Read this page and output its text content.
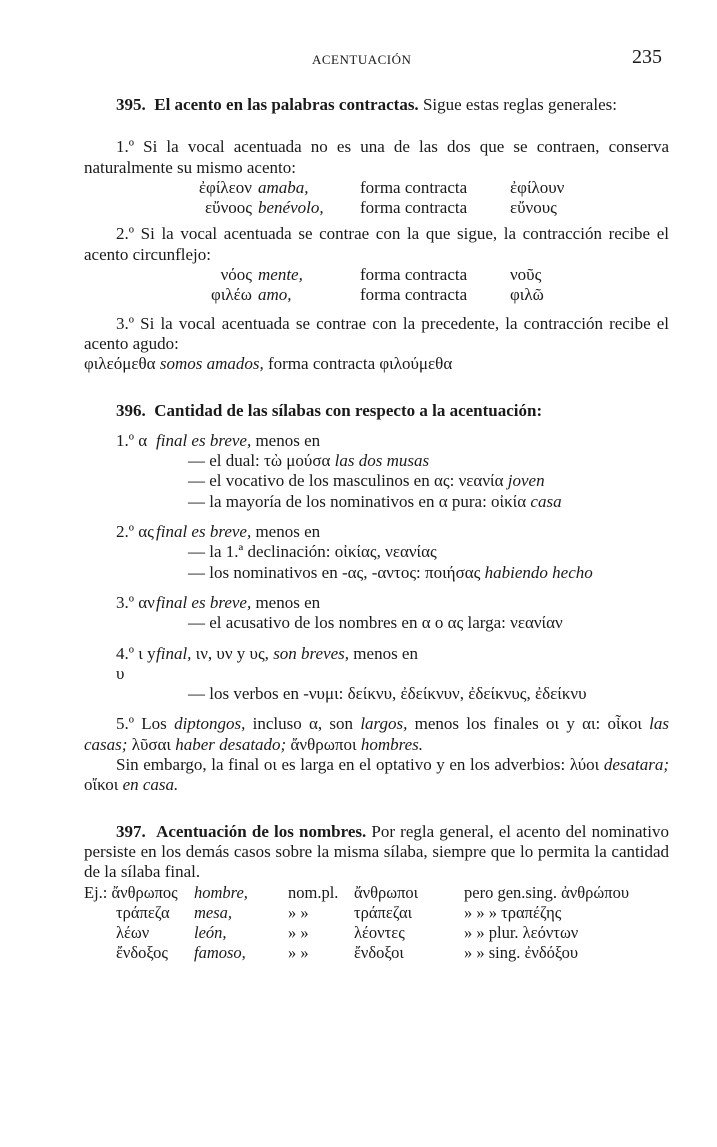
ACENTUACIÓN	235
395. El acento en las palabras contractas. Sigue estas reglas generales:
1.º Si la vocal acentuada no es una de las dos que se contraen, conserva naturalmente su mismo acento:
ἐφίλεον amaba,	forma contracta	ἐφίλουν
εὔνοος benévolo,	forma contracta	εὔνους
2.º Si la vocal acentuada se contrae con la que sigue, la contracción recibe el acento circunflejo:
νόος mente,	forma contracta	νοῦς
φιλέω amo,	forma contracta	φιλῶ
3.º Si la vocal acentuada se contrae con la precedente, la contracción recibe el acento agudo:
φιλεόμεθα
somos amados,
forma contracta
φιλούμεθα
396. Cantidad de las sílabas con respecto a la acentuación:
1.º α final es breve, menos en
— el dual: τὼ μούσα las dos musas
— el vocativo de los masculinos en ας: νεανία joven
— la mayoría de los nominativos en α pura: οἰκία casa
2.º ας final es breve, menos en
— la 1.ª declinación: οἰκίας, νεανίας
— los nominativos en -ας, -αντος: ποιήσας habiendo hecho
3.º αν final es breve, menos en
— el acusativo de los nombres en α o ας larga: νεανίαν
4.º ι y υ
final, ιν, υν y υς, son breves, menos en
— los verbos en -νυμι: δείκνυ, ἐδείκνυν, ἐδείκνυς, ἐδείκνυ
5.º Los diptongos, incluso α, son largos, menos los finales οι y αι: οἶκοι las casas; λῦσαι haber desatado; ἄνθρωποι hombres.
Sin embargo, la final οι es larga en el optativo y en los adverbios: λύοι desatara; οἴκοι en casa.
397. Acentuación de los nombres. Por regla general, el acento del nominativo persiste en los demás casos sobre la misma sílaba, siempre que lo permita la cantidad de la sílaba final.
Ej.: ἄνθρωπος hombre,	nom.pl. ἄνθρωποι	pero gen.sing. ἀνθρώπου
τράπεζα	mesa,	» »	τράπεζαι	» » » τραπέζης
λέων	león,	» »	λέοντες	» » plur. λεόντων
ἔνδοξος	famoso,	» »	ἔνδοξοι	» » sing. ἐνδόξου
